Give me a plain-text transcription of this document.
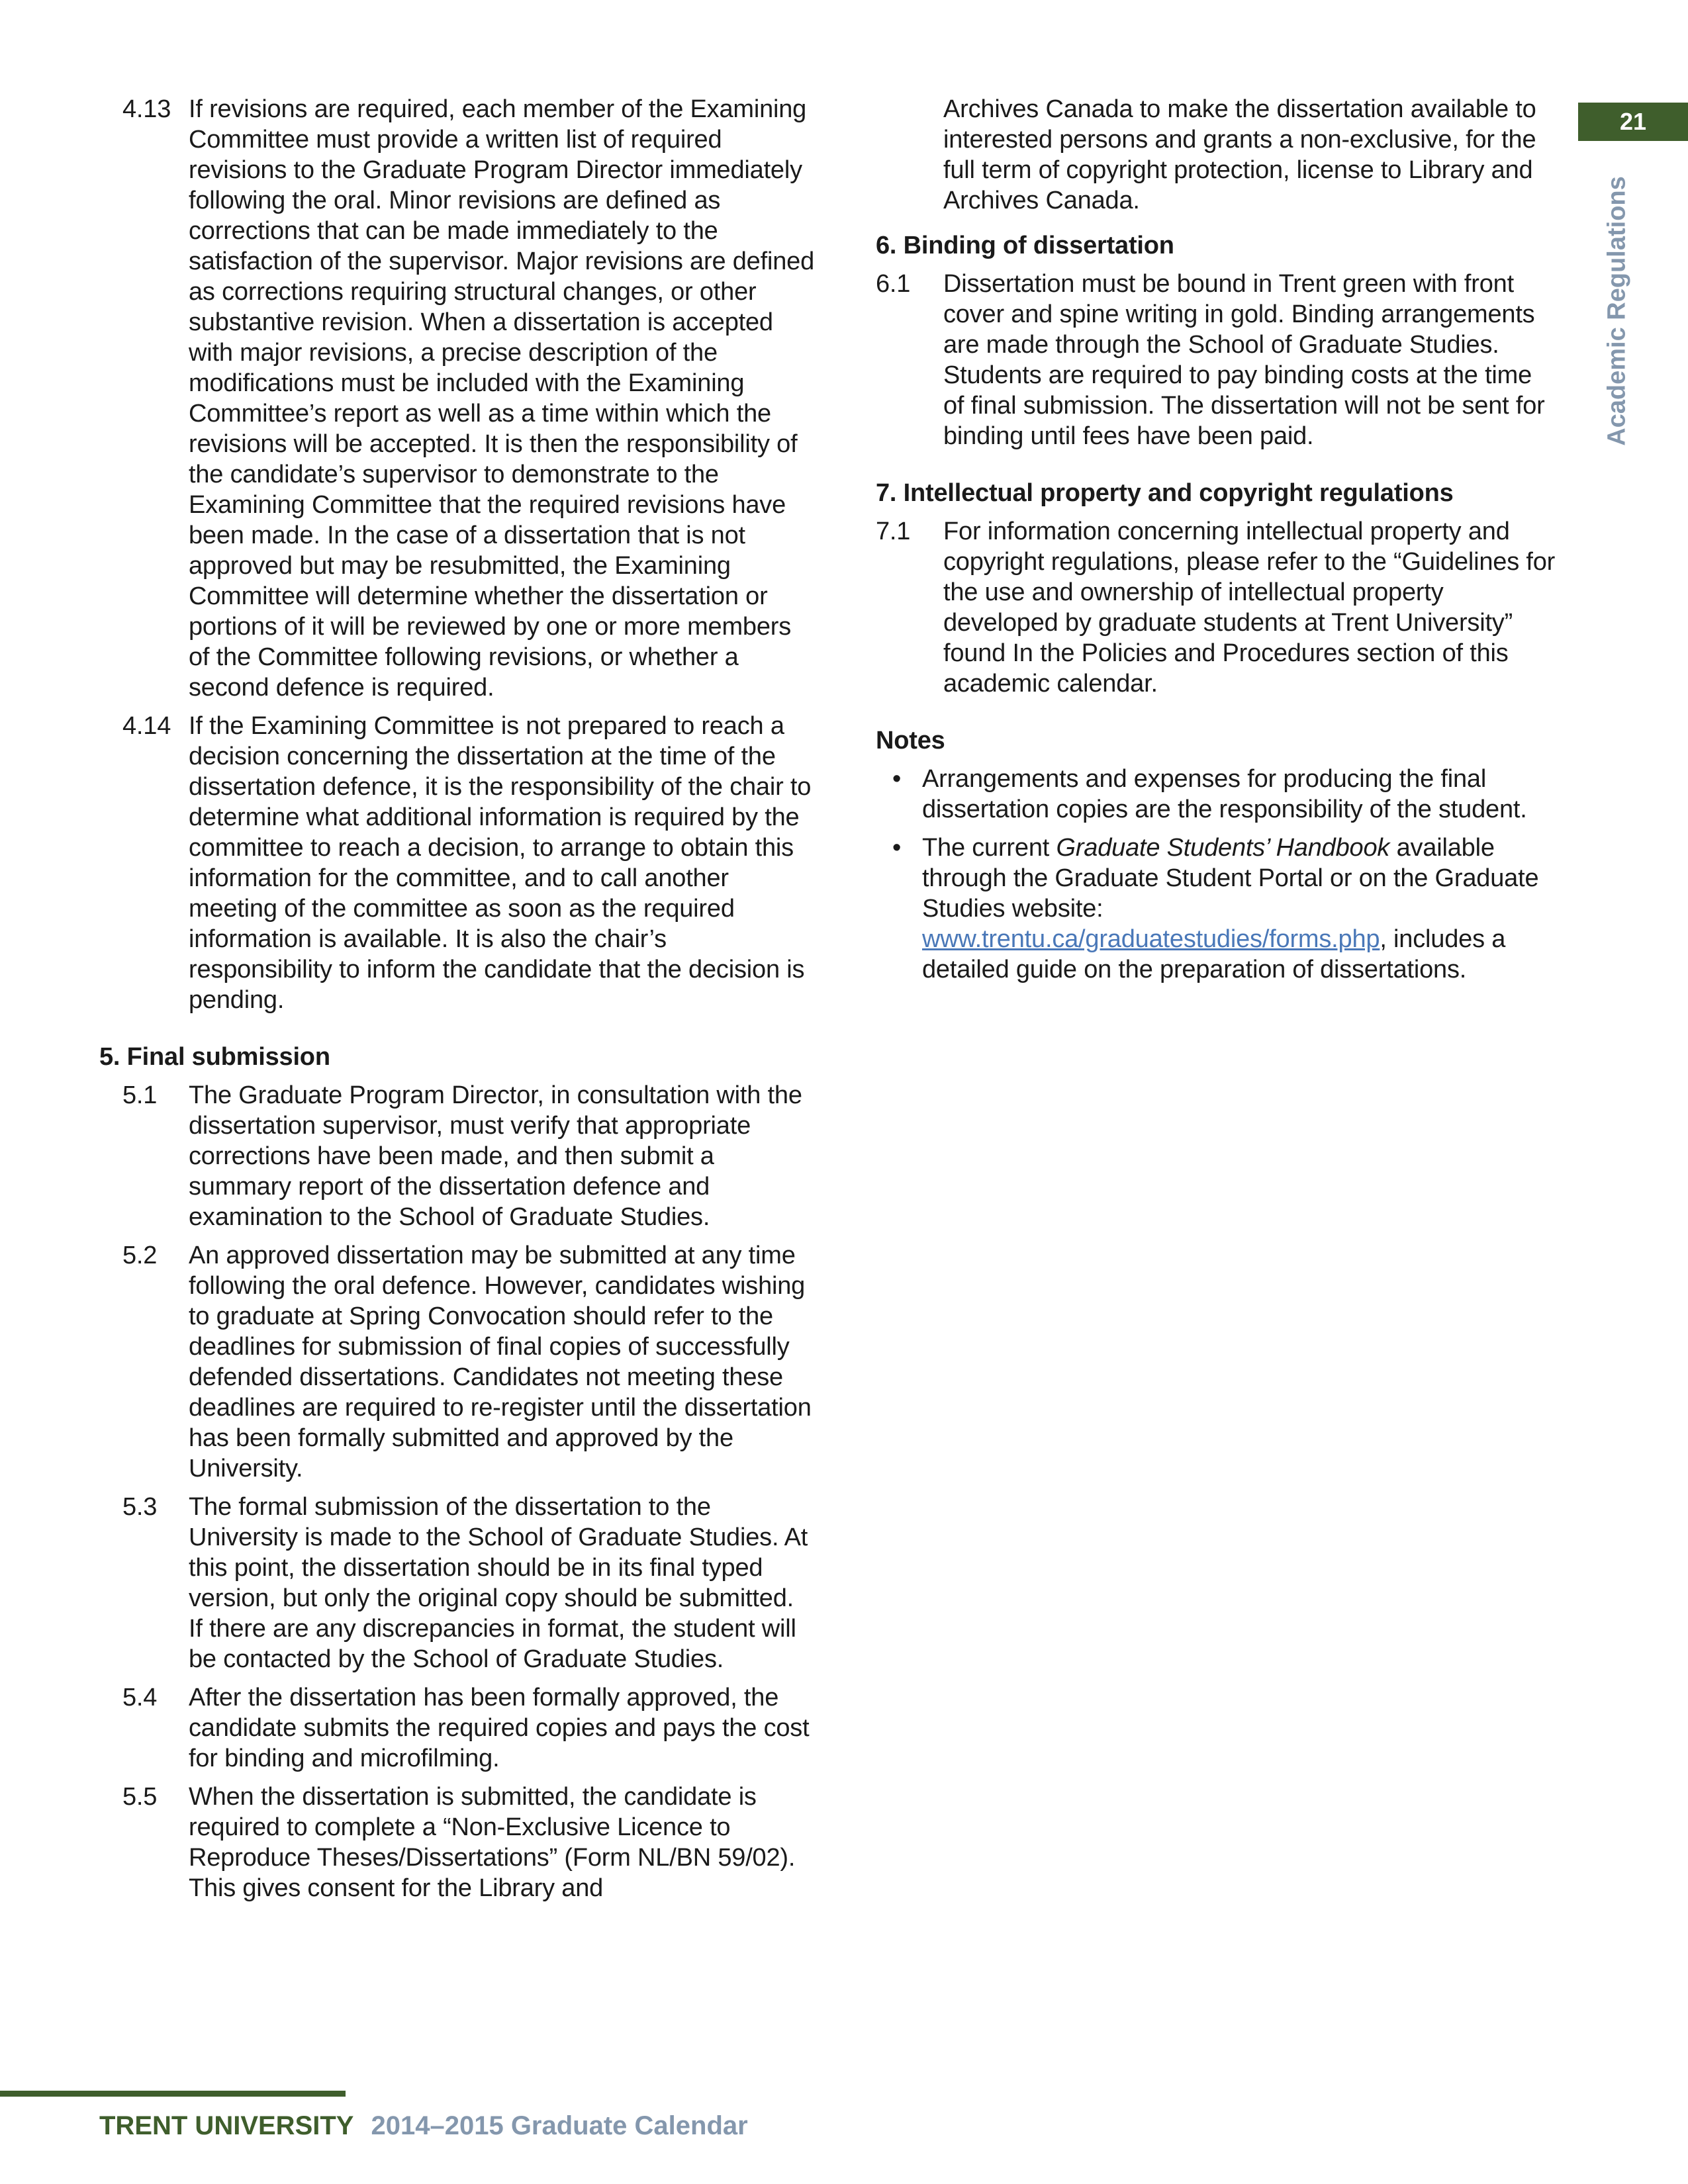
21
Academic Regulations
4.13 If revisions are required, each member of the Examining Committee must provide a written list of required revisions to the Graduate Program Director immediately following the oral. Minor revisions are defined as corrections that can be made immediately to the satisfaction of the supervisor. Major revisions are defined as corrections requiring structural changes, or other substantive revision. When a dissertation is accepted with major revisions, a precise description of the modifications must be included with the Examining Committee’s report as well as a time within which the revisions will be accepted. It is then the responsibility of the candidate’s supervisor to demonstrate to the Examining Committee that the required revisions have been made. In the case of a dissertation that is not approved but may be resubmitted, the Examining Committee will determine whether the dissertation or portions of it will be reviewed by one or more members of the Committee following revisions, or whether a second defence is required.
4.14 If the Examining Committee is not prepared to reach a decision concerning the dissertation at the time of the dissertation defence, it is the responsibility of the chair to determine what additional information is required by the committee to reach a decision, to arrange to obtain this information for the committee, and to call another meeting of the committee as soon as the required information is available. It is also the chair’s responsibility to inform the candidate that the decision is pending.
5. Final submission
5.1	The Graduate Program Director, in consultation with the dissertation supervisor, must verify that appropriate corrections have been made, and then submit a summary report of the dissertation defence and examination to the School of Graduate Studies.
5.2	An approved dissertation may be submitted at any time following the oral defence. However, candidates wishing to graduate at Spring Convocation should refer to the deadlines for submission of final copies of successfully defended dissertations. Candidates not meeting these deadlines are required to re-register until the dissertation has been formally submitted and approved by the University.
5.3	The formal submission of the dissertation to the University is made to the School of Graduate Studies. At this point, the dissertation should be in its final typed version, but only the original copy should be submitted. If there are any discrepancies in format, the student will be contacted by the School of Graduate Studies.
5.4	After the dissertation has been formally approved, the candidate submits the required copies and pays the cost for binding and microfilming.
5.5	When the dissertation is submitted, the candidate is required to complete a “Non-Exclusive Licence to Reproduce Theses/Dissertations” (Form NL/BN 59/02). This gives consent for the Library and
Archives Canada to make the dissertation available to interested persons and grants a non-exclusive, for the full term of copyright protection, license to Library and Archives Canada.
6. Binding of dissertation
6.1	Dissertation must be bound in Trent green with front cover and spine writing in gold. Binding arrangements are made through the School of Graduate Studies. Students are required to pay binding costs at the time of final submission. The dissertation will not be sent for binding until fees have been paid.
7. Intellectual property and copyright regulations
7.1	For information concerning intellectual property and copyright regulations, please refer to the “Guidelines for the use and ownership of intellectual property developed by graduate students at Trent University” found In the Policies and Procedures section of this academic calendar.
Notes
• Arrangements and expenses for producing the final dissertation copies are the responsibility of the student.
• The current Graduate Students’ Handbook available through the Graduate Student Portal or on the Graduate Studies website: www.trentu.ca/graduatestudies/forms.php, includes a detailed guide on the preparation of dissertations.
TRENT UNIVERSITY 2014–2015 Graduate Calendar
